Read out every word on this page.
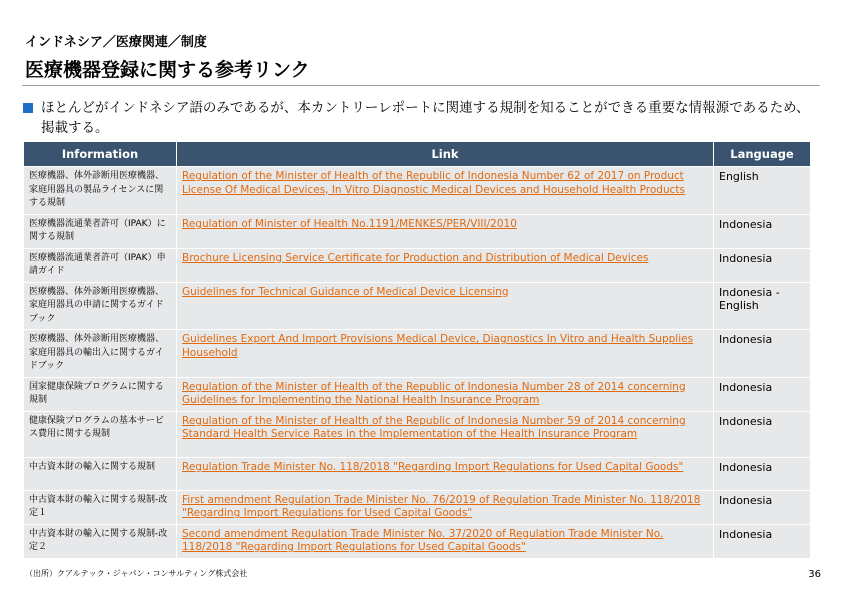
インドネシア／医療関連／制度
医療機器登録に関する参考リンク
ほとんどがインドネシア語のみであるが、本カントリーレポートに関連する規制を知ることができる重要な情報源であるため、掲載する。
Information	Link	Language
医療機器、体外診断用医療機器、家庭用器具の製品ライセンスに関する規制	Regulation of the Minister of Health of the Republic of Indonesia Number 62 of 2017 on Product License Of Medical Devices, In Vitro Diagnostic Medical Devices and Household Health Products	English
医療機器流通業者許可（IPAK）に関する規制	Regulation of Minister of Health No.1191/MENKES/PER/VIII/2010	Indonesia
医療機器流通業者許可（IPAK）申請ガイド	Brochure Licensing Service Certificate for Production and Distribution of Medical Devices	Indonesia
医療機器、体外診断用医療機器、家庭用器具の申請に関するガイドブック	Guidelines for Technical Guidance of Medical Device Licensing	Indonesia - English
医療機器、体外診断用医療機器、家庭用器具の輸出入に関するガイドブック	Guidelines Export And Import Provisions Medical Device, Diagnostics In Vitro and Health Supplies Household	Indonesia
国家健康保険プログラムに関する規制	Regulation of the Minister of Health of the Republic of Indonesia Number 28 of 2014 concerning Guidelines for Implementing the National Health Insurance Program	Indonesia
健康保険プログラムの基本サービス費用に関する規制	Regulation of the Minister of Health of the Republic of Indonesia Number 59 of 2014 concerning Standard Health Service Rates in the Implementation of the Health Insurance Program	Indonesia
中古資本財の輸入に関する規制	Regulation Trade Minister No. 118/2018 "Regarding Import Regulations for Used Capital Goods"	Indonesia
中古資本財の輸入に関する規制-改定１	First amendment Regulation Trade Minister No. 76/2019 of Regulation Trade Minister No. 118/2018 "Regarding Import Regulations for Used Capital Goods"	Indonesia
中古資本財の輸入に関する規制-改定２	Second amendment Regulation Trade Minister No. 37/2020 of Regulation Trade Minister No. 118/2018 "Regarding Import Regulations for Used Capital Goods"	Indonesia
（出所）クアルテック・ジャパン・コンサルティング株式会社	36
